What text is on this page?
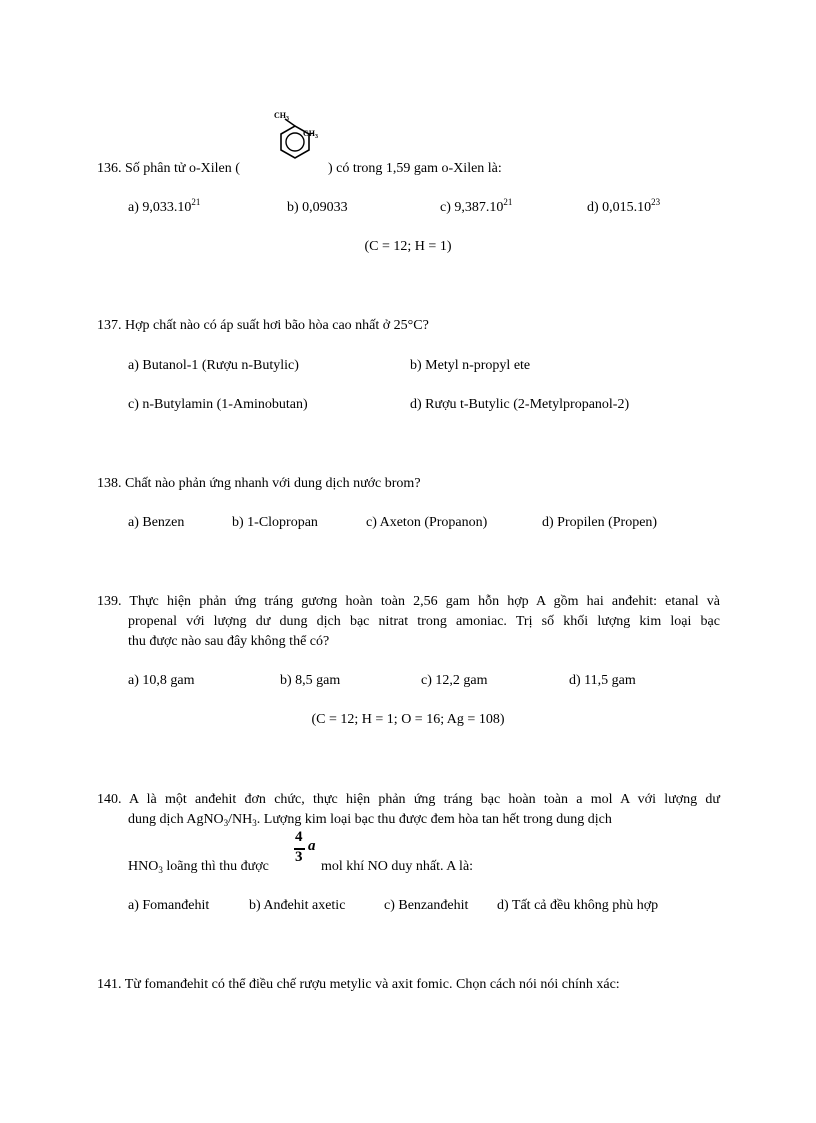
$CH_3$
$CH_3$
136. Số phân tử o-Xilen (	) có trong 1,59 gam o-Xilen là:
a) 9,033.10$^{21}$	b) 0,09033	c) 9,387.10$^{21}$	d) 0,015.10$^{23}$
(C = 12; H = 1)
137. Hợp chất nào có áp suất hơi bão hòa cao nhất ở 25°C?
a) Butanol-1 (Rượu n-Butylic)	b) Metyl n-propyl ete
c) n-Butylamin (1-Aminobutan)	d) Rượu t-Butylic (2-Metylpropanol-2)
138. Chất nào phản ứng nhanh với dung dịch nước brom?
a) Benzen	b) 1-Clopropan	c) Axeton (Propanon)	d) Propilen (Propen)
139. Thực hiện phản ứng tráng gương hoàn toàn 2,56 gam hỗn hợp A gồm hai anđehit: etanal và
propenal với lượng dư dung dịch bạc nitrat trong amoniac. Trị số khối lượng kim loại bạc
thu được nào sau đây không thể có?
a) 10,8 gam	b) 8,5 gam	c) 12,2 gam	d) 11,5 gam
(C = 12; H = 1; O = 16; Ag = 108)
140. A là một anđehit đơn chức, thực hiện phản ứng tráng bạc hoàn toàn a mol A với lượng dư
dung dịch $AgNO_3/NH_3$. Lượng kim loại bạc thu được đem hòa tan hết trong dung dịch
$HNO_3$ loãng thì thu được
4
3
a
mol khí NO duy nhất. A là:
a) Fomanđehit	b) Anđehit axetic	c) Benzanđehit d) Tất cả đều không phù hợp
141. Từ fomanđehit có thể điều chế rượu metylic và axit fomic. Chọn cách nói nói chính xác:
